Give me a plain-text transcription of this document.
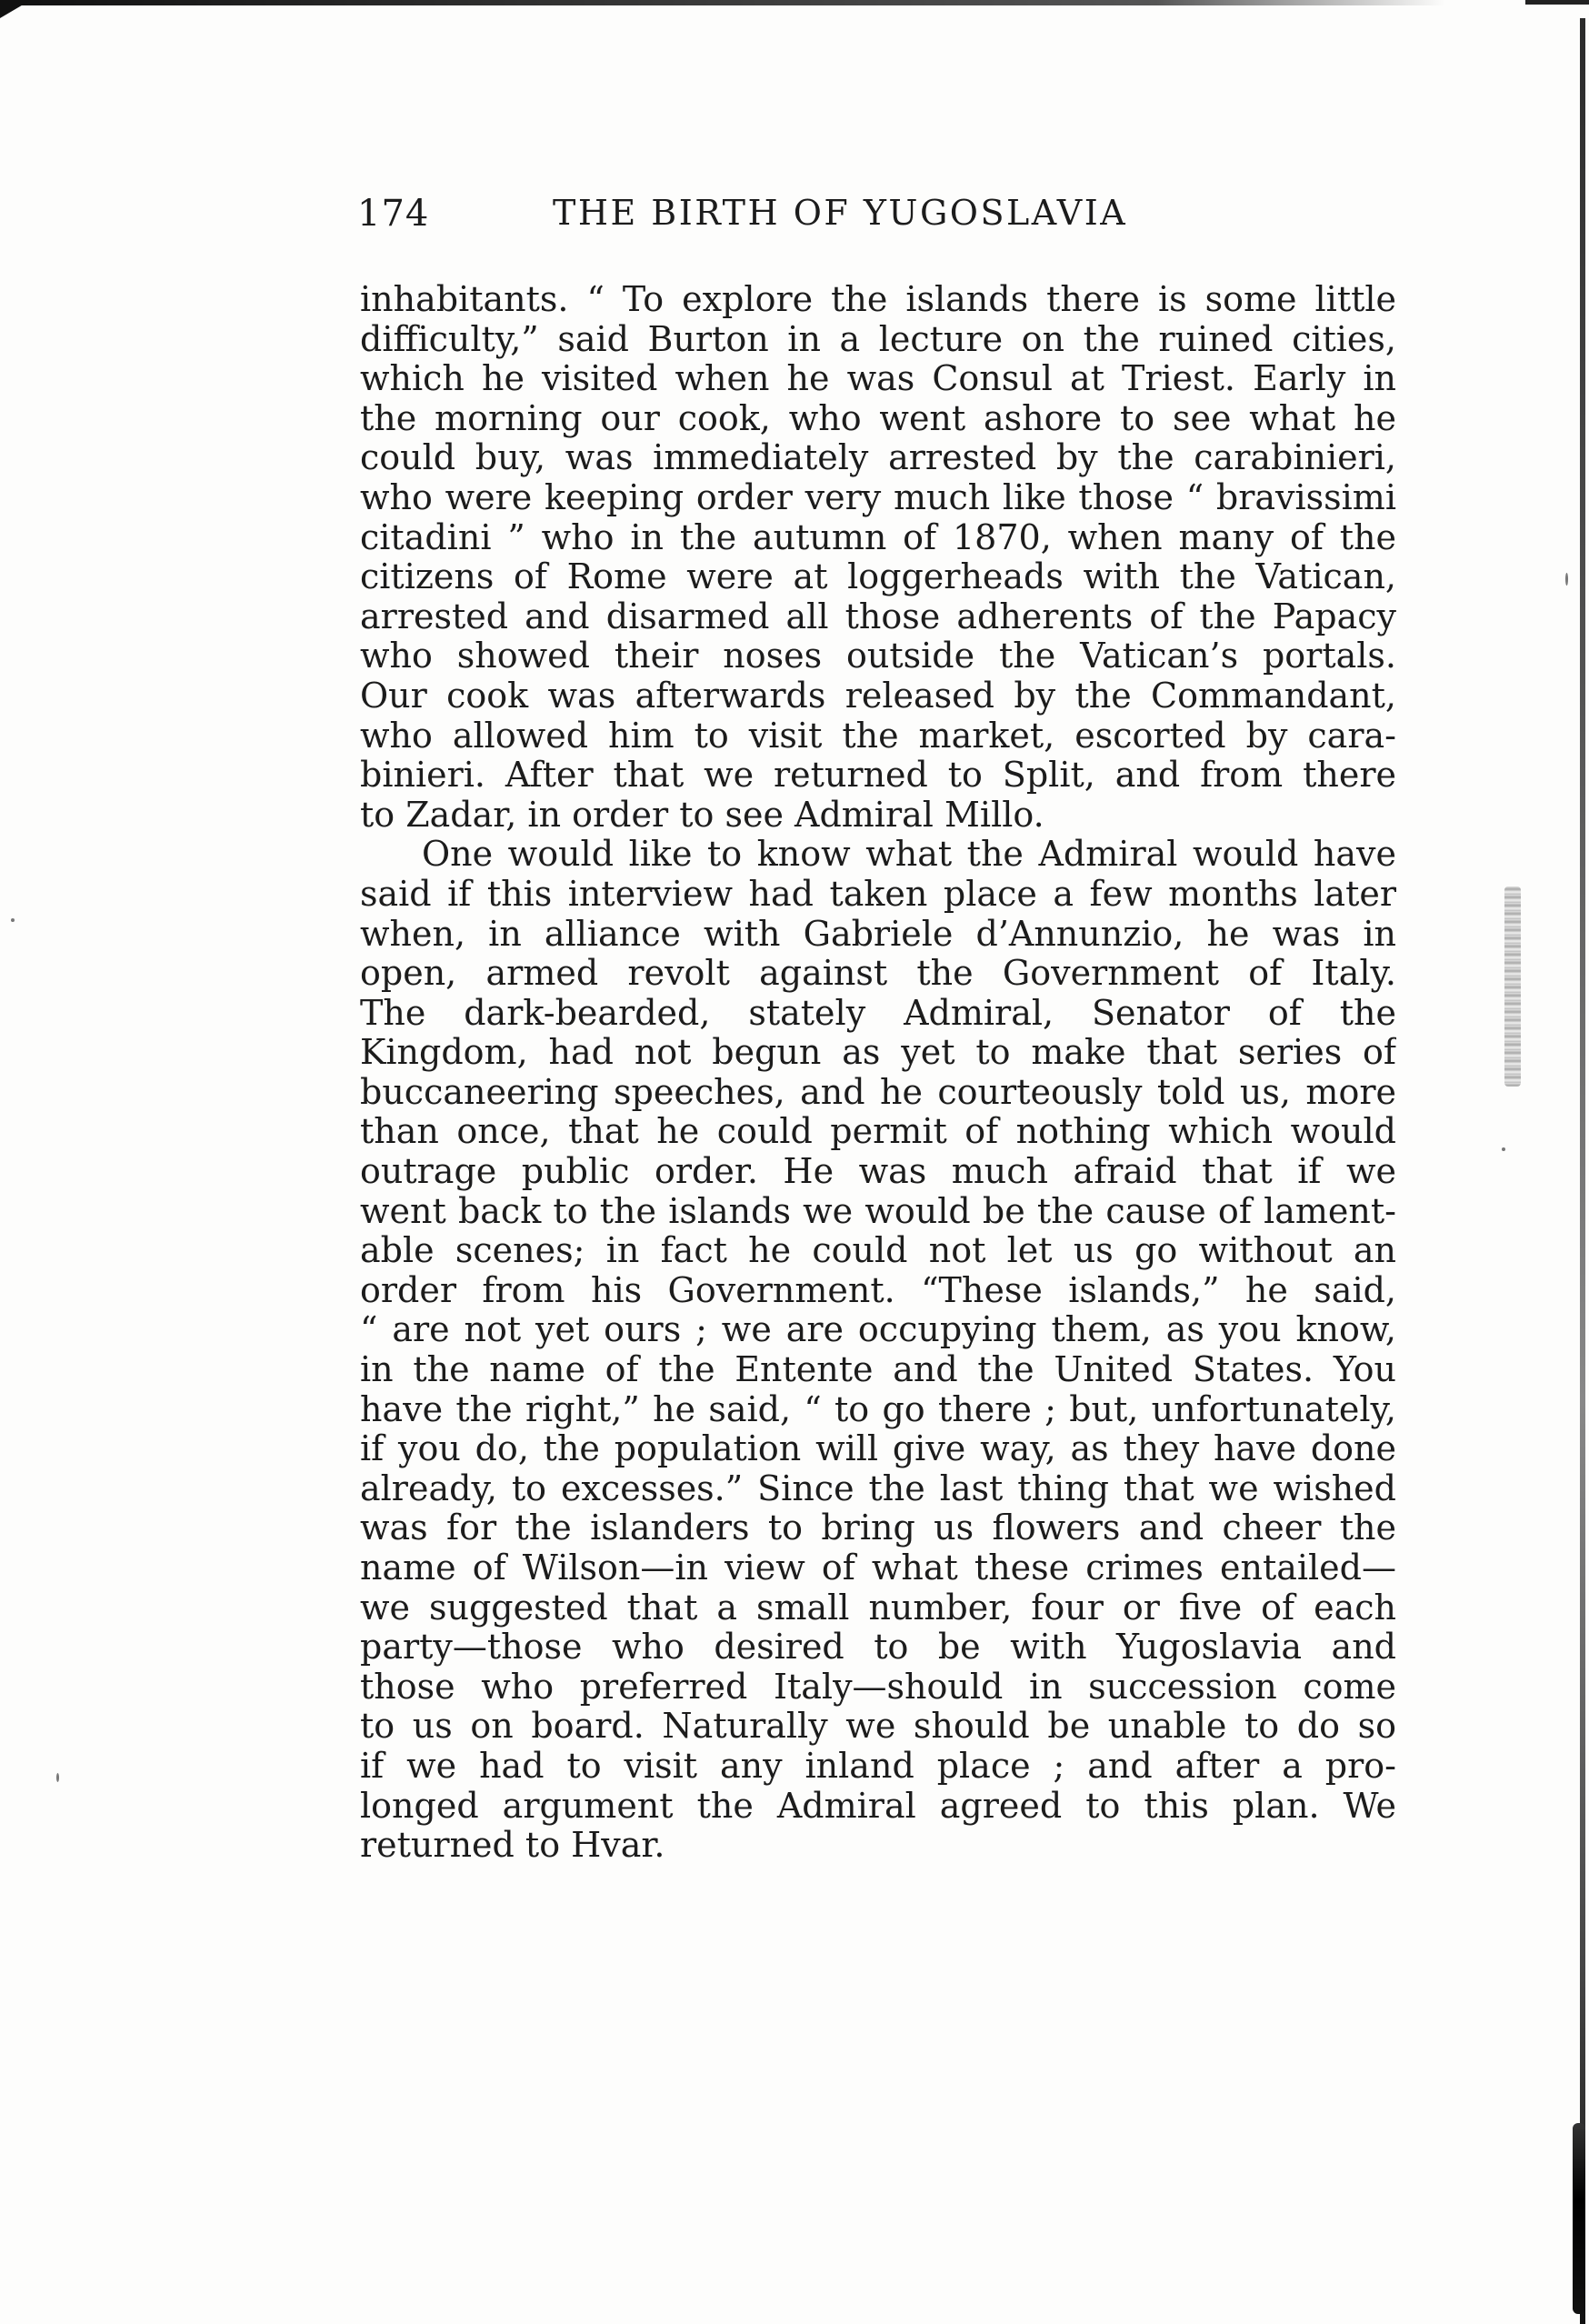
174	THE BIRTH OF YUGOSLAVIA
inhabitants. “ To explore the islands there is some little
difficulty,” said Burton in a lecture on the ruined cities,
which he visited when he was Consul at Triest. Early in
the morning our cook, who went ashore to see what he
could buy, was immediately arrested by the carabinieri,
who were keeping order very much like those “ bravissimi
citadini ” who in the autumn of 1870, when many of the
citizens of Rome were at loggerheads with the Vatican,
arrested and disarmed all those adherents of the Papacy
who showed their noses outside the Vatican’s portals.
Our cook was afterwards released by the Commandant,
who allowed him to visit the market, escorted by cara-
binieri. After that we returned to Split, and from there
to Zadar, in order to see Admiral Millo.
One would like to know what the Admiral would have
said if this interview had taken place a few months later
when, in alliance with Gabriele d’Annunzio, he was in
open, armed revolt against the Government of Italy.
The dark-bearded, stately Admiral, Senator of the
Kingdom, had not begun as yet to make that series of
buccaneering speeches, and he courteously told us, more
than once, that he could permit of nothing which would
outrage public order. He was much afraid that if we
went back to the islands we would be the cause of lament-
able scenes; in fact he could not let us go without an
order from his Government. “These islands,” he said,
“ are not yet ours ; we are occupying them, as you know,
in the name of the Entente and the United States. You
have the right,” he said, “ to go there ; but, unfortunately,
if you do, the population will give way, as they have done
already, to excesses.” Since the last thing that we wished
was for the islanders to bring us flowers and cheer the
name of Wilson—in view of what these crimes entailed—
we suggested that a small number, four or five of each
party—those who desired to be with Yugoslavia and
those who preferred Italy—should in succession come
to us on board. Naturally we should be unable to do so
if we had to visit any inland place ; and after a pro-
longed argument the Admiral agreed to this plan. We
returned to Hvar.
